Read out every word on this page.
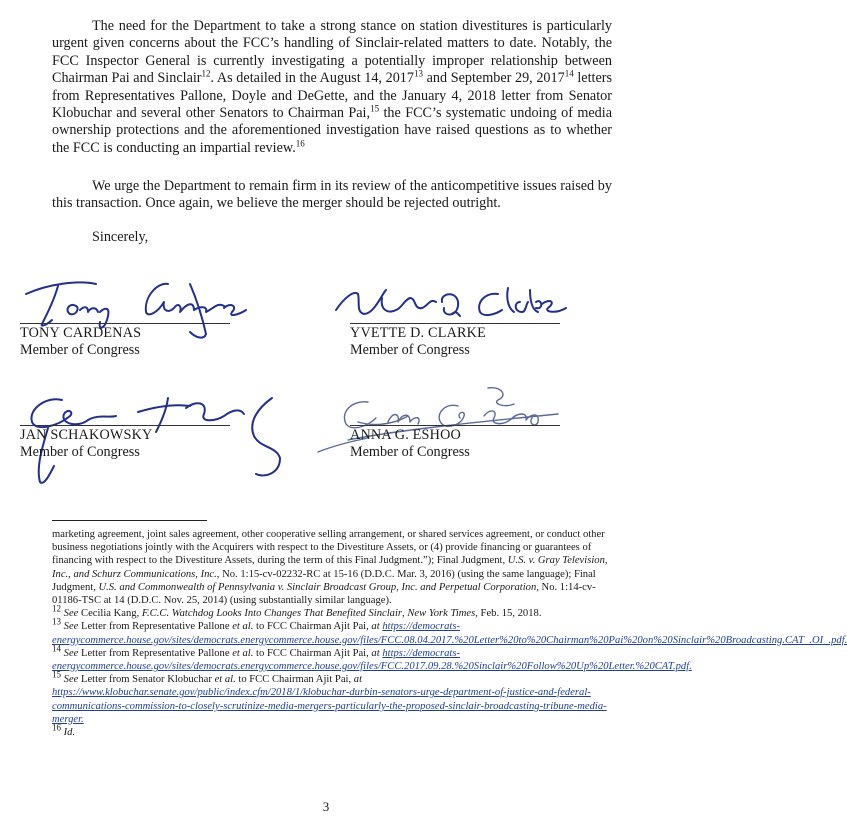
The need for the Department to take a strong stance on station divestitures is particularly urgent given concerns about the FCC’s handling of Sinclair-related matters to date. Notably, the FCC Inspector General is currently investigating a potentially improper relationship between Chairman Pai and Sinclair$^{12}$. As detailed in the August 14, 2017$^{13}$ and September 29, 2017$^{14}$ letters from Representatives Pallone, Doyle and DeGette, and the January 4, 2018 letter from Senator Klobuchar and several other Senators to Chairman Pai,$^{15}$ the FCC’s systematic undoing of media ownership protections and the aforementioned investigation have raised questions as to whether the FCC is conducting an impartial review.$^{16}$

We urge the Department to remain firm in its review of the anticompetitive issues raised by this transaction. Once again, we believe the merger should be rejected outright.

Sincerely,
TONY CARDENAS
Member of Congress
YVETTE D. CLARKE
Member of Congress
JAN SCHAKOWSKY
Member of Congress
ANNA G. ESHOO
Member of Congress

marketing agreement, joint sales agreement, other cooperative selling arrangement, or shared services agreement, or conduct other business negotiations jointly with the Acquirers with respect to the Divestiture Assets, or (4) provide financing or guarantees of financing with respect to the Divestiture Assets, during the term of this Final Judgment.”); Final Judgment, U.S. v. Gray Television, Inc., and Schurz Communications, Inc., No. 1:15-cv-02232-RC at 15-16 (D.D.C. Mar. 3, 2016) (using the same language); Final Judgment, U.S. and Commonwealth of Pennsylvania v. Sinclair Broadcast Group, Inc. and Perpetual Corporation, No. 1:14-cv-01186-TSC at 14 (D.D.C. Nov. 25, 2014) (using substantially similar language).

$^{12}$ See Cecilia Kang, F.C.C. Watchdog Looks Into Changes That Benefited Sinclair, New York Times, Feb. 15, 2018.

$^{13}$ See Letter from Representative Pallone et al. to FCC Chairman Ajit Pai, at https://democrats-energycommerce.house.gov/sites/democrats.energycommerce.house.gov/files/FCC.08.04.2017.%20Letter%20to%20Chairman%20Pai%20on%20Sinclair%20Broadcasting.CAT_.OI_.pdf.

$^{14}$ See Letter from Representative Pallone et al. to FCC Chairman Ajit Pai, at https://democrats-energycommerce.house.gov/sites/democrats.energycommerce.house.gov/files/FCC.2017.09.28.%20Sinclair%20Follow%20Up%20Letter.%20CAT.pdf.

$^{15}$ See Letter from Senator Klobuchar et al. to FCC Chairman Ajit Pai, at https://www.klobuchar.senate.gov/public/index.cfm/2018/1/klobuchar-durbin-senators-urge-department-of-justice-and-federal-communications-commission-to-closely-scrutinize-media-mergers-particularly-the-proposed-sinclair-broadcasting-tribune-media-merger.

$^{16}$ Id.

3
